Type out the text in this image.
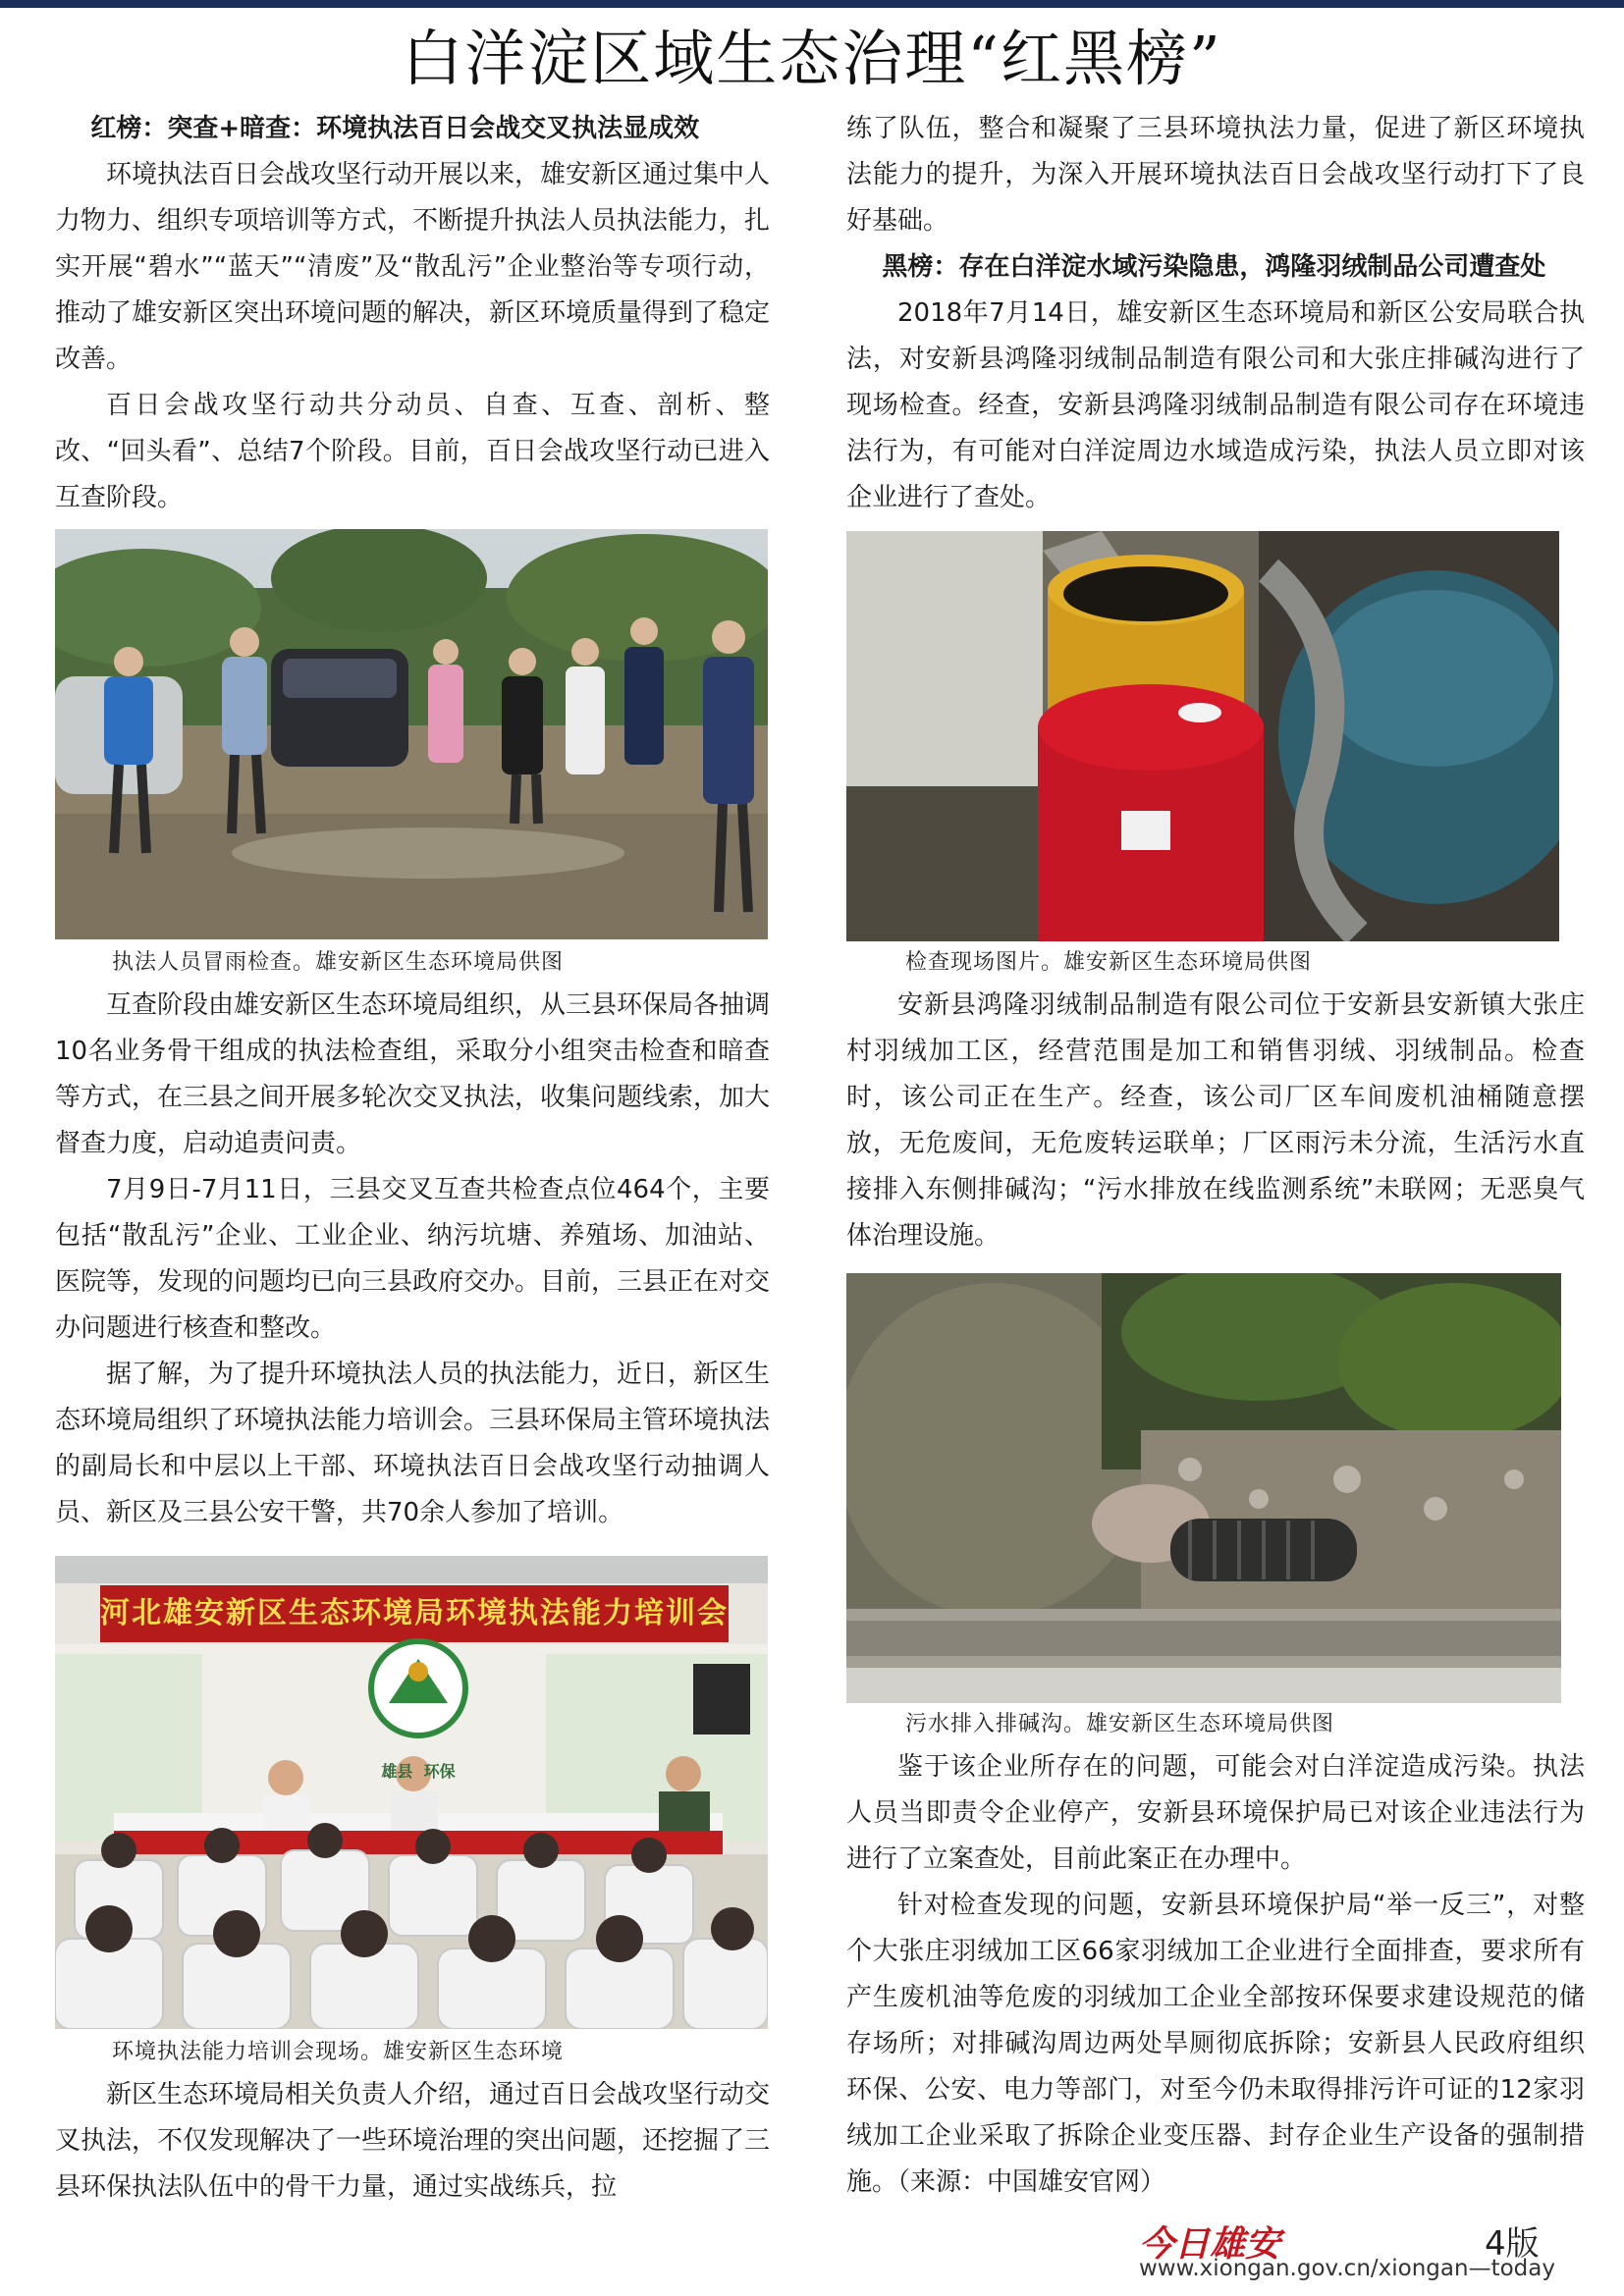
白洋淀区域生态治理“红黑榜”

红榜：突查+暗查：环境执法百日会战交叉执法显成效

环境执法百日会战攻坚行动开展以来，雄安新区通过集中人力物力、组织专项培训等方式，不断提升执法人员执法能力，扎实开展“碧水”“蓝天”“清废”及“散乱污”企业整治等专项行动，推动了雄安新区突出环境问题的解决，新区环境质量得到了稳定改善。

百日会战攻坚行动共分动员、自查、互查、剖析、整改、“回头看”、总结7个阶段。目前，百日会战攻坚行动已进入互查阶段。

执法人员冒雨检查。雄安新区生态环境局供图

互查阶段由雄安新区生态环境局组织，从三县环保局各抽调10名业务骨干组成的执法检查组，采取分小组突击检查和暗查等方式，在三县之间开展多轮次交叉执法，收集问题线索，加大督查力度，启动追责问责。

7月9日-7月11日，三县交叉互查共检查点位464个，主要包括“散乱污”企业、工业企业、纳污坑塘、养殖场、加油站、医院等，发现的问题均已向三县政府交办。目前，三县正在对交办问题进行核查和整改。

据了解，为了提升环境执法人员的执法能力，近日，新区生态环境局组织了环境执法能力培训会。三县环保局主管环境执法的副局长和中层以上干部、环境执法百日会战攻坚行动抽调人员、新区及三县公安干警，共70余人参加了培训。

河北雄安新区生态环境局环境执法能力培训会
雄县  环保
环境执法能力培训会现场。雄安新区生态环境

新区生态环境局相关负责人介绍，通过百日会战攻坚行动交叉执法，不仅发现解决了一些环境治理的突出问题，还挖掘了三县环保执法队伍中的骨干力量，通过实战练兵，拉

练了队伍，整合和凝聚了三县环境执法力量，促进了新区环境执法能力的提升，为深入开展环境执法百日会战攻坚行动打下了良好基础。

黑榜：存在白洋淀水域污染隐患，鸿隆羽绒制品公司遭查处

2018年7月14日，雄安新区生态环境局和新区公安局联合执法，对安新县鸿隆羽绒制品制造有限公司和大张庄排碱沟进行了现场检查。经查，安新县鸿隆羽绒制品制造有限公司存在环境违法行为，有可能对白洋淀周边水域造成污染，执法人员立即对该企业进行了查处。

检查现场图片。雄安新区生态环境局供图

安新县鸿隆羽绒制品制造有限公司位于安新县安新镇大张庄村羽绒加工区，经营范围是加工和销售羽绒、羽绒制品。检查时，该公司正在生产。经查，该公司厂区车间废机油桶随意摆放，无危废间，无危废转运联单；厂区雨污未分流，生活污水直接排入东侧排碱沟；“污水排放在线监测系统”未联网；无恶臭气体治理设施。

污水排入排碱沟。雄安新区生态环境局供图

鉴于该企业所存在的问题，可能会对白洋淀造成污染。执法人员当即责令企业停产，安新县环境保护局已对该企业违法行为进行了立案查处，目前此案正在办理中。

针对检查发现的问题，安新县环境保护局“举一反三”，对整个大张庄羽绒加工区66家羽绒加工企业进行全面排查，要求所有产生废机油等危废的羽绒加工企业全部按环保要求建设规范的储存场所；对排碱沟周边两处旱厕彻底拆除；安新县人民政府组织环保、公安、电力等部门，对至今仍未取得排污许可证的12家羽绒加工企业采取了拆除企业变压器、封存企业生产设备的强制措施。（来源：中国雄安官网）

今日雄安	4版
www.xiongan.gov.cn/xiongan—today
